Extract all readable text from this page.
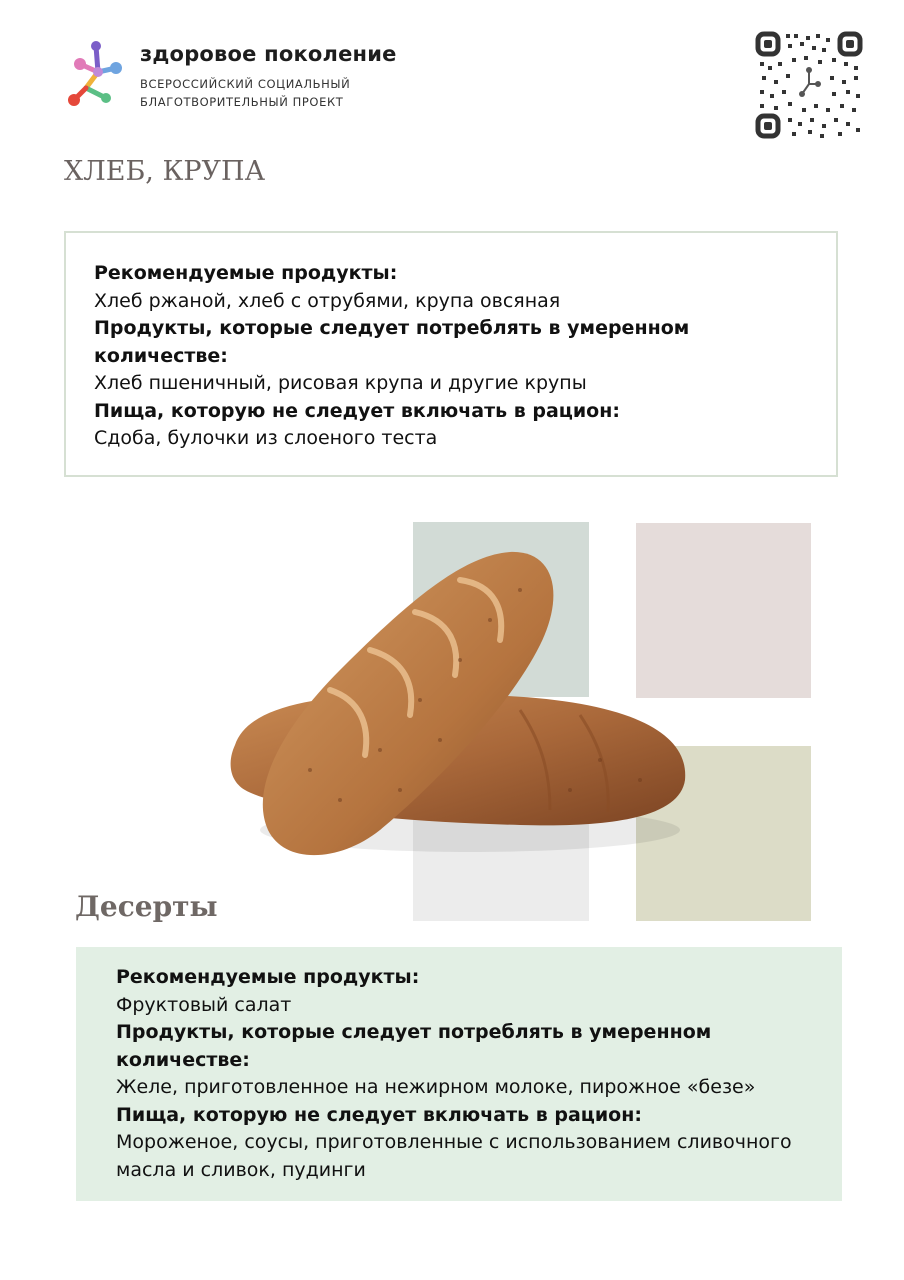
здоровое поколение
ВСЕРОССИЙСКИЙ СОЦИАЛЬНЫЙ
БЛАГОТВОРИТЕЛЬНЫЙ ПРОЕКТ
ХЛЕБ, КРУПА

Рекомендуемые продукты:

Хлеб ржаной, хлеб с отрубями, крупа овсяная

Продукты, которые следует потреблять в умеренном количестве:

Хлеб пшеничный, рисовая крупа и другие крупы

Пища, которую не следует включать в рацион:

Сдоба, булочки из слоеного теста

Десерты

Рекомендуемые продукты:

Фруктовый салат

Продукты, которые следует потреблять в умеренном количестве:

Желе, приготовленное на нежирном молоке, пирожное «безе»

Пища, которую не следует включать в рацион:

Мороженое, соусы, приготовленные с использованием сливочного масла и сливок, пудинги
